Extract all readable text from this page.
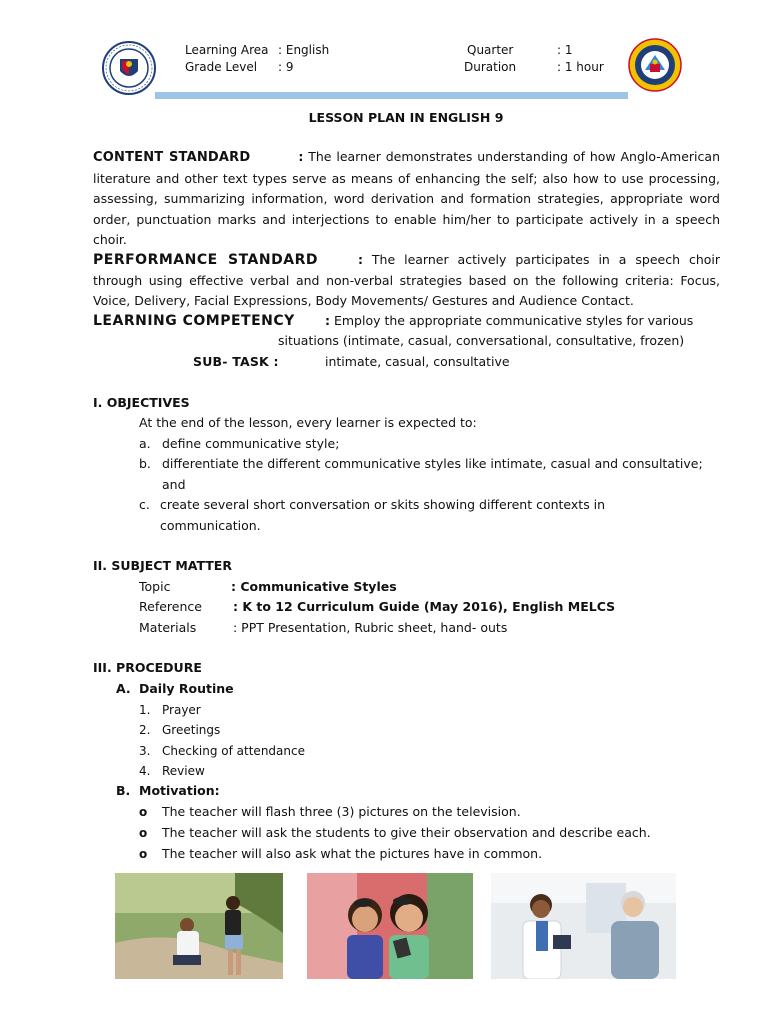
Learning Area : English
Grade Level : 9
Quarter	: 1
Duration	: 1 hour
LESSON PLAN IN ENGLISH 9
CONTENT STANDARD	: The learner demonstrates understanding of how Anglo-American literature and other text types serve as means of enhancing the self; also how to use processing, assessing, summarizing information, word derivation and formation strategies, appropriate word order, punctuation marks and interjections to enable him/her to participate actively in a speech choir.
PERFORMANCE STANDARD	: The learner actively participates in a speech choir through using effective verbal and non-verbal strategies based on the following criteria: Focus, Voice, Delivery, Facial Expressions, Body Movements/ Gestures and Audience Contact.
LEARNING COMPETENCY : Employ the appropriate communicative styles for various
situations (intimate, casual, conversational, consultative, frozen)
SUB- TASK :	intimate, casual, consultative
I. OBJECTIVES
At the end of the lesson, every learner is expected to:
a. define communicative style;
b. differentiate the different communicative styles like intimate, casual and consultative;
and
c. create several short conversation or skits showing different contexts in
communication.
II. SUBJECT MATTER
Topic	: Communicative Styles
Reference : K to 12 Curriculum Guide (May 2016), English MELCS
Materials	: PPT Presentation, Rubric sheet, hand- outs
III. PROCEDURE
A. Daily Routine
1. Prayer
2. Greetings
3. Checking of attendance
4. Review
B. Motivation:
o The teacher will flash three (3) pictures on the television.
o The teacher will ask the students to give their observation and describe each.
o The teacher will also ask what the pictures have in common.
